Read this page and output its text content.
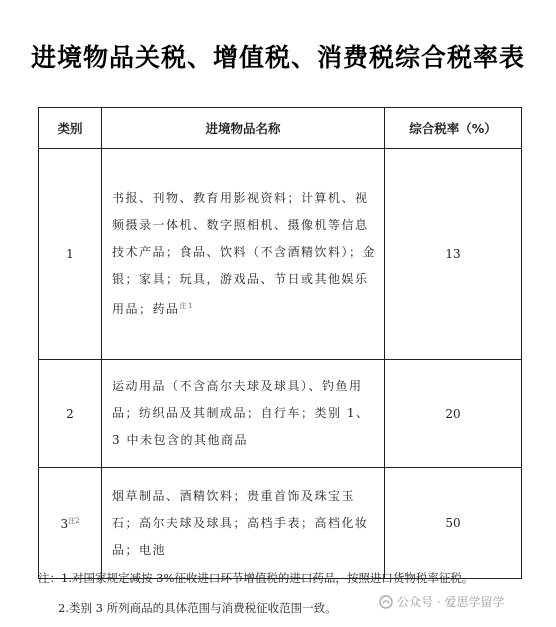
进境物品关税、增值税、消费税综合税率表
类别	进境物品名称	综合税率（%）
1	书报、刊物、教育用影视资料；计算机、视频摄录一体机、数字照相机、摄像机等信息技术产品；食品、饮料（不含酒精饮料）；金银；家具；玩具，游戏品、节日或其他娱乐用品；药品$^{注1}$	13
2	运动用品（不含高尔夫球及球具）、钓鱼用品；纺织品及其制成品；自行车；类别 1、3 中未包含的其他商品	20
3$^{注2}$	烟草制品、酒精饮料；贵重首饰及珠宝玉石；高尔夫球及球具；高档手表；高档化妆品；电池	50
注：1.对国家规定减按 3%征收进口环节增值税的进口药品，按照进口货物税率征税。
2.类别 3 所列商品的具体范围与消费税征收范围一致。	公众号 · 爱思学留学
